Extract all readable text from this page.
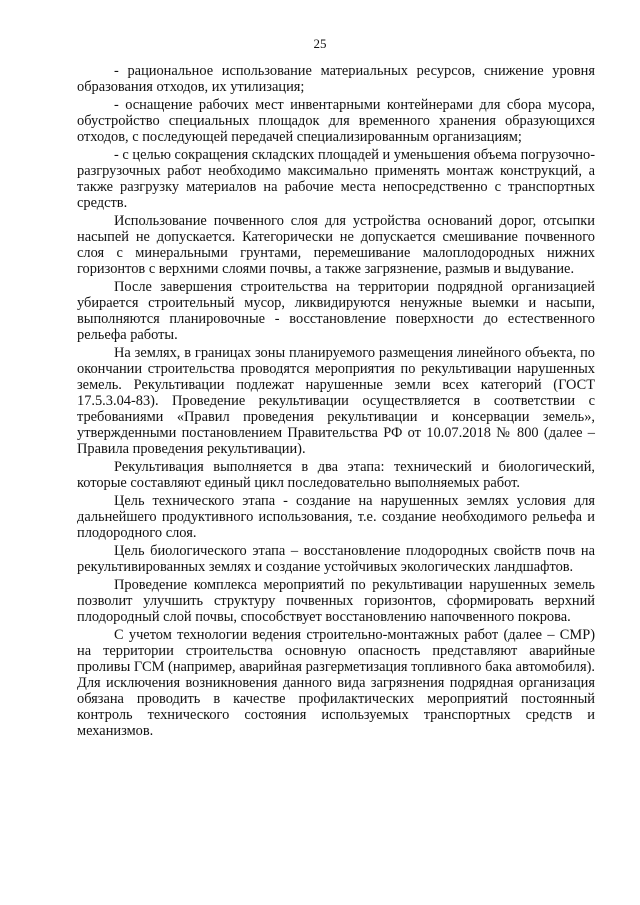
25

- рациональное использование материальных ресурсов, снижение уровня образования отходов, их утилизация;

- оснащение рабочих мест инвентарными контейнерами для сбора мусора, обустройство специальных площадок для временного хранения образующихся отходов, с последующей передачей специализированным организациям;

- с целью сокращения складских площадей и уменьшения объема погрузочно-разгрузочных работ необходимо максимально применять монтаж конструкций, а также разгрузку материалов на рабочие места непосредственно с транспортных средств.

Использование почвенного слоя для устройства оснований дорог, отсыпки насыпей не допускается. Категорически не допускается смешивание почвенного слоя с минеральными грунтами, перемешивание малоплодородных нижних горизонтов с верхними слоями почвы, а также загрязнение, размыв и выдувание.

После завершения строительства на территории подрядной организацией убирается строительный мусор, ликвидируются ненужные выемки и насыпи, выполняются планировочные - восстановление поверхности до естественного рельефа работы.

На землях, в границах зоны планируемого размещения линейного объекта, по окончании строительства проводятся мероприятия по рекультивации нарушенных земель. Рекультивации подлежат нарушенные земли всех категорий (ГОСТ 17.5.3.04-83). Проведение рекультивации осуществляется в соответствии с требованиями «Правил проведения рекультивации и консервации земель», утвержденными постановлением Правительства РФ от 10.07.2018 № 800 (далее – Правила проведения рекультивации).

Рекультивация выполняется в два этапа: технический и биологический, которые составляют единый цикл последовательно выполняемых работ.

Цель технического этапа - создание на нарушенных землях условия для дальнейшего продуктивного использования, т.е. создание необходимого рельефа и плодородного слоя.

Цель биологического этапа – восстановление плодородных свойств почв на рекультивированных землях и создание устойчивых экологических ландшафтов.

Проведение комплекса мероприятий по рекультивации нарушенных земель позволит улучшить структуру почвенных горизонтов, сформировать верхний плодородный слой почвы, способствует восстановлению напочвенного покрова.

С учетом технологии ведения строительно-монтажных работ (далее – СМР) на территории строительства основную опасность представляют аварийные проливы ГСМ (например, аварийная разгерметизация топливного бака автомобиля). Для исключения возникновения данного вида загрязнения подрядная организация обязана проводить в качестве профилактических мероприятий постоянный контроль технического состояния используемых транспортных средств и механизмов.
